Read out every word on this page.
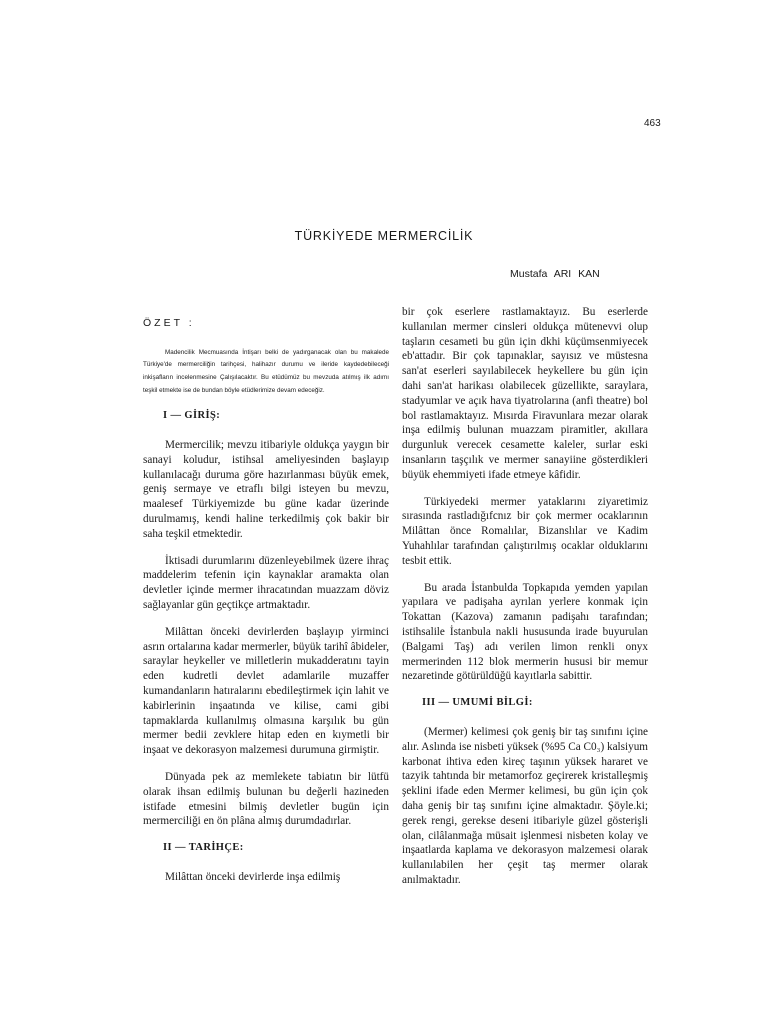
463
TÜRKİYEDE MERMERCİLİK
Mustafa ARI KAN
ÖZET :

Madencilik Mecmuasında İntişarı belki de yadırganacak olan bu makalede Türkiye'de mermerciliğin tarihçesi, halihazır durumu ve ileride kaydedebileceği inkişafların incelenmesine Çalışılacaktır. Bu etüdümüz bu mevzuda atılmış ilk adımı teşkil etmekte ise de bundan böyle etüdlerimize devam edeceğiz.

I — GİRİŞ:

Mermercilik; mevzu itibariyle oldukça yaygın bir sanayi koludur, istihsal ameliyesinden başlayıp kullanılacağı duruma göre hazırlanması büyük emek, geniş sermaye ve etraflı bilgi isteyen bu mevzu, maalesef Türkiyemizde bu güne kadar üzerinde durulmamış, kendi haline terkedilmiş çok bakir bir saha teşkil etmektedir.

İktisadi durumlarını düzenleyebilmek üzere ihraç maddelerim tefenin için kaynaklar aramakta olan devletler içinde mermer ihracatından muazzam döviz sağlayanlar gün geçtikçe artmaktadır.

Milâttan önceki devirlerden başlayıp yirminci asrın ortalarına kadar mermerler, büyük tarihî âbideler, saraylar heykeller ve milletlerin mukadderatını tayin eden kudretli devlet adamlarile muzaffer kumandanların hatıralarını ebedileştirmek için lahit ve kabirlerinin inşaatında ve kilise, cami gibi tapmaklarda kullanılmış olmasına karşılık bu gün mermer bedii zevklere hitap eden en kıymetli bir inşaat ve dekorasyon malzemesi durumuna girmiştir.

Dünyada pek az memlekete tabiatın bir lütfü olarak ihsan edilmiş bulunan bu değerli hazineden istifade etmesini bilmiş devletler bugün için mermerciliği en ön plâna almış durumdadırlar.

II — TARİHÇE:

Milâttan önceki devirlerde inşa edilmiş

bir çok eserlere rastlamaktayız. Bu eserlerde kullanılan mermer cinsleri oldukça mütenevvi olup taşların cesameti bu gün için dkhi küçümsenmiyecek eb'attadır. Bir çok tapınaklar, sayısız ve müstesna san'at eserleri sayılabilecek heykellere bu gün için dahi san'at harikası olabilecek güzellikte, saraylara, stadyumlar ve açık hava tiyatrolarına (anfi theatre) bol bol rastlamaktayız. Mısırda Firavunlara mezar olarak inşa edilmiş bulunan muazzam piramitler, akıllara durgunluk verecek cesamette kaleler, surlar eski insanların taşçılık ve mermer sanayiine gösterdikleri büyük ehemmiyeti ifade etmeye kâfidir.

Türkiyedeki mermer yataklarını ziyaretimiz sırasında rastladığıfcnız bir çok mermer ocaklarının Milâttan önce Romalılar, Bizanslılar ve Kadim Yuhahlılar tarafından çalıştırılmış ocaklar olduklarını tesbit ettik.

Bu arada İstanbulda Topkapıda yemden yapılan yapılara ve padişaha ayrılan yerlere konmak için Tokattan (Kazova) zamanın padişahı tarafından; istihsalile İstanbula nakli hususunda irade buyurulan (Balgami Taş) adı verilen limon renkli onyx mermerinden 112 blok mermerin hususi bir memur nezaretinde götürüldüğü kayıtlarla sabittir.

III — UMUMİ BİLGİ:

(Mermer) kelimesi çok geniş bir taş sınıfını içine alır. Aslında ise nisbeti yüksek (%95 Ca C0₃) kalsiyum karbonat ihtiva eden kireç taşının yüksek hararet ve tazyik tahtında bir metamorfoz geçirerek kristalleşmiş şeklini ifade eden Mermer kelimesi, bu gün için çok daha geniş bir taş sınıfını içine almaktadır. Şöyle.ki; gerek rengi, gerekse deseni itibariyle güzel gösterişli olan, cilâlanmağa müsait işlenmesi nisbeten kolay ve inşaatlarda kaplama ve dekorasyon malzemesi olarak kullanılabilen her çeşit taş mermer olarak anılmaktadır.
